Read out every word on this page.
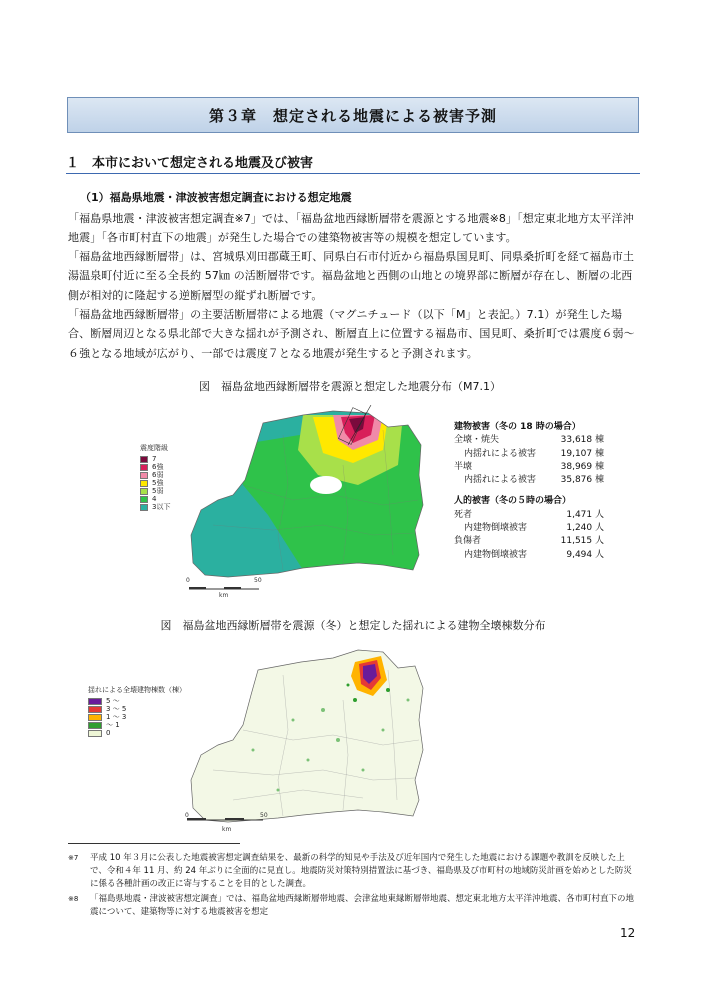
第３章　想定される地震による被害予測
１　本市において想定される地震及び被害
（1）福島県地震・津波被害想定調査における想定地震

「福島県地震・津波被害想定調査※7」では、「福島盆地西縁断層帯を震源とする地震※8」「想定東北地方太平洋沖地震」「各市町村直下の地震」が発生した場合での建築物被害等の規模を想定しています。

「福島盆地西縁断層帯」は、宮城県刈田郡蔵王町、同県白石市付近から福島県国見町、同県桑折町を経て福島市土湯温泉町付近に至る全長約 57㎞ の活断層帯です。福島盆地と西側の山地との境界部に断層が存在し、断層の北西側が相対的に隆起する逆断層型の縦ずれ断層です。

「福島盆地西縁断層帯」の主要活断層帯による地震（マグニチュード（以下「M」と表記。）7.1）が発生した場合、断層周辺となる県北部で大きな揺れが予測され、断層直上に位置する福島市、国見町、桑折町では震度６弱～６強となる地域が広がり、一部では震度７となる地震が発生すると予測されます。

図　福島盆地西縁断層帯を震源と想定した地震分布（M7.1）
0	50
km
震度階級
7
6強
6弱
5強
5弱
4
3以下
建物被害（冬の 18 時の場合）
全壊・焼失	33,618 棟
内揺れによる被害	19,107 棟
半壊	38,969 棟
内揺れによる被害	35,876 棟
人的被害（冬の５時の場合）
死者	1,471 人
内建物倒壊被害	1,240 人
負傷者	11,515 人
内建物倒壊被害	9,494 人
図　福島盆地西縁断層帯を震源（冬）と想定した揺れによる建物全壊棟数分布
0	50
km
揺れによる全壊建物棟数（棟）
5 ～
3 ～ 5
1 ～ 3
～ 1
0
※7	平成 10 年３月に公表した地震被害想定調査結果を、最新の科学的知見や手法及び近年国内で発生した地震における課題や教訓を反映した上で、令和４年 11 月、約 24 年ぶりに全面的に見直し。地震防災対策特別措置法に基づき、福島県及び市町村の地域防災計画を始めとした防災に係る各種計画の改正に寄与することを目的とした調査。
※8	「福島県地震・津波被害想定調査」では、福島盆地西縁断層帯地震、会津盆地東縁断層帯地震、想定東北地方太平洋沖地震、各市町村直下の地震について、建築物等に対する地震被害を想定
12
